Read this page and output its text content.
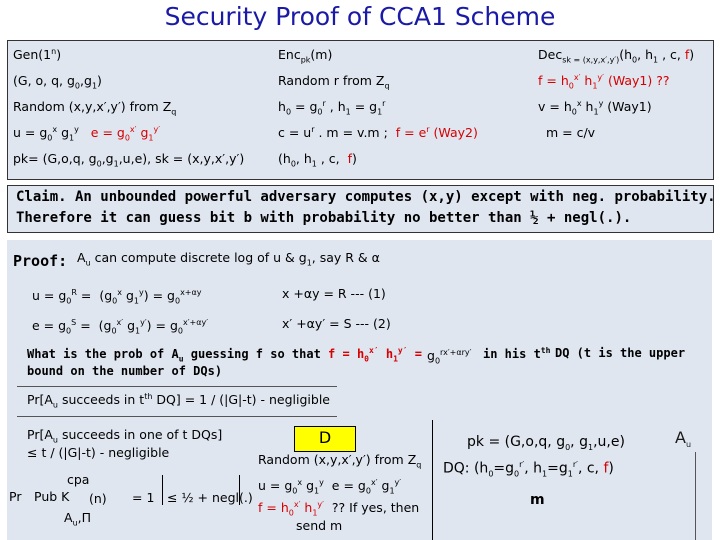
Security Proof of CCA1 Scheme
Gen(1$^n$)	Enc$_{pk}$(m)	$Dec_{sk = (x,y,x',y')}(h_0$, $h_1$ , c, f)
(G, o, q, $g_0,g_1$)	Random r from $Z_q$	$f = h_0^{x'}$ $h_1^{y'}$ (Way1) ??
Random (x,y,x′,y′) from $Z_q$	$h_0 = g_0^r$ , $h_1 = g_1^r$	$v = h_0^x$ $h_1^y$ (Way1)
$u = g_0^x$ $g_1^y$ $e = g_0^{x'}$ $g_1^{y'}$	$c = u^r$ . m = v.m ;  $f = e^r$ (Way2)	m = c/v
pk= (G,o,q, $g_0,g_1,u,e$), sk = (x,y,x′,y′)	($h_0$, $h_1$ , c,  f)
Claim. An unbounded powerful adversary computes (x,y) except with neg. probability.
Therefore it can guess bit b with probability no better than ½ + negl(.).
Proof: $A_u$ can compute discrete log of u & $g_1$, say R & α
$u = g_0^R = (g_0^x$ $g_1^y) = g_0^{x+\alpha y}$	x +αy = R --- (1)
$e = g_0^S = (g_0^{x'}$ $g_1^{y'}) = g_0^{x'+\alpha y'}$	x′ +αy′ = S --- (2)
What is the prob of $A_u$ guessing f so that $f = h_0^{x'}$ $h_1^{y'} = g_0^{rx'+\alpha ry'}$ in his $t^{th}$ DQ (t is the upper
bound on the number of DQs)
$Pr[A_u$ succeeds in $t^{th}$ DQ] = 1 / (|G|-t) - negligible
$Pr[A_u$ succeeds in one of t DQs]
≤ t / (|G|-t) - negligible
cpa
Pr Pub K (n)
$A_u,\Pi$
= 1 ≤ ½ + negl(.)
D
Random (x,y,x′,y′) from $Z_q$
$u = g_0^x$ $g_1^y$  $e = g_0^{x'}$ $g_1^{y'}$
$f = h_0^{x'}$ $h_1^{y'}$  ?? If yes, then
send m
pk = (G,o,q, $g_0$, $g_1,u,e$)
DQ: ($h_0=g_0^{r'}$, $h_1=g_1^{r'}$, c, f)
m
$A_u$
